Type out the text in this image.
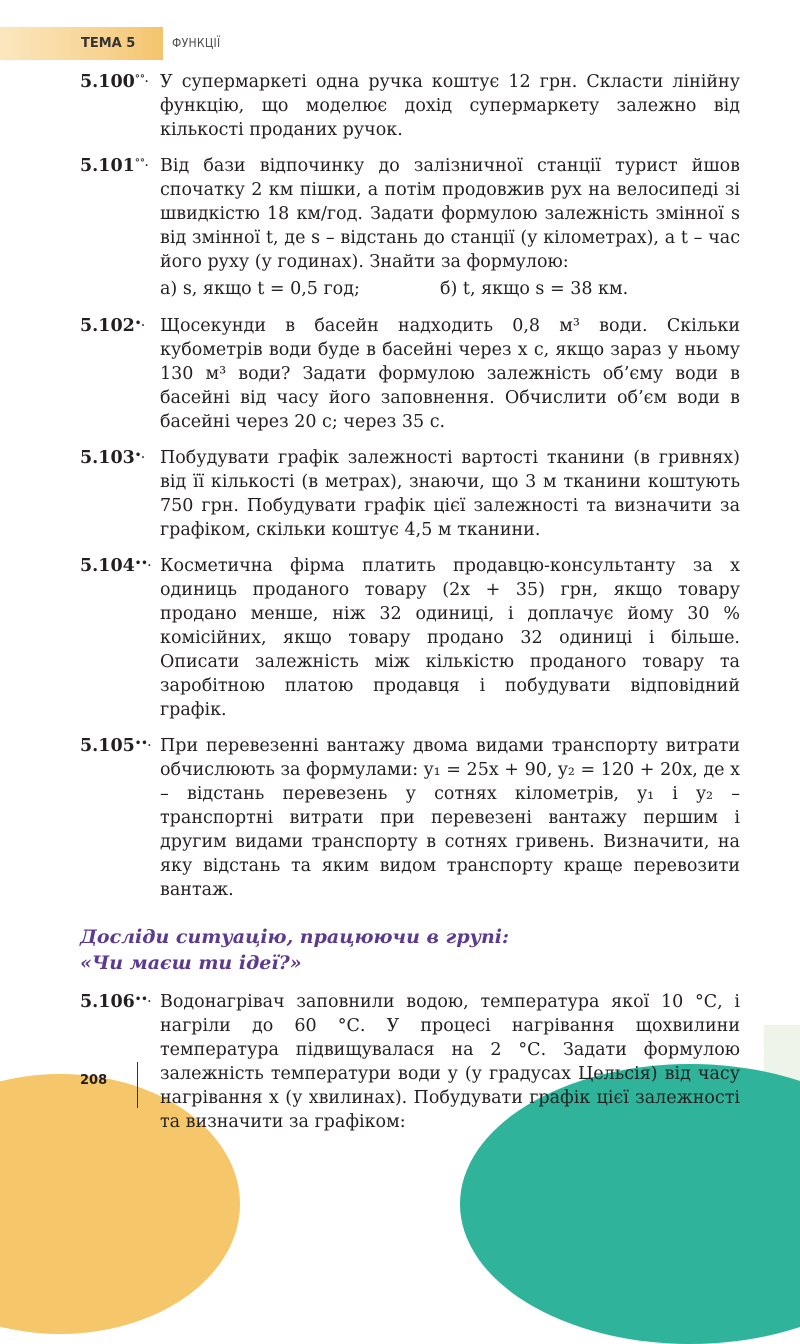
ТЕМА 5	ФУНКЦІЇ
5.100°°. У супермаркеті одна ручка коштує 12 грн. Скласти лінійну функцію, що моделює дохід супермаркету залежно від кількості проданих ручок.
5.101°°. Від бази відпочинку до залізничної станції турист йшов спочатку 2 км пішки, а потім продовжив рух на велосипеді зі швидкістю 18 км/год. Задати формулою залежність змінної s від змінної t, де s – відстань до станції (у кілометрах), а t – час його руху (у годинах). Знайти за формулою:
а) s, якщо t = 0,5 год;	б) t, якщо s = 38 км.
5.102•. Щосекунди в басейн надходить 0,8 м³ води. Скільки кубометрів води буде в басейні через x с, якщо зараз у ньому 130 м³ води? Задати формулою залежність об’єму води в басейні від часу його заповнення. Обчислити об’єм води в басейні через 20 с; через 35 с.
5.103•. Побудувати графік залежності вартості тканини (в гривнях) від її кількості (в метрах), знаючи, що 3 м тканини коштують 750 грн. Побудувати графік цієї залежності та визначити за графіком, скільки коштує 4,5 м тканини.
5.104••. Косметична фірма платить продавцю-консультанту за x одиниць проданого товару (2x + 35) грн, якщо товару продано менше, ніж 32 одиниці, і доплачує йому 30 % комісійних, якщо товару продано 32 одиниці і більше. Описати залежність між кількістю проданого товару та заробітною платою продавця і побудувати відповідний графік.
5.105••. При перевезенні вантажу двома видами транспорту витрати обчислюють за формулами: y₁ = 25x + 90, y₂ = 120 + 20x, де x – відстань перевезень у сотнях кілометрів, y₁ і y₂ – транспортні витрати при перевезені вантажу першим і другим видами транспорту в сотнях гривень. Визначити, на яку відстань та яким видом транспорту краще перевозити вантаж.
Досліди ситуацію, працюючи в групі:
«Чи маєш ти ідеї?»
5.106••. Водонагрівач заповнили водою, температура якої 10 °С, і нагріли до 60 °С. У процесі нагрівання щохвилини температура підвищувалася на 2 °С. Задати формулою залежність температури води y (у градусах Цельсія) від часу нагрівання x (у хвилинах). Побудувати графік цієї залежності та визначити за графіком:
208
